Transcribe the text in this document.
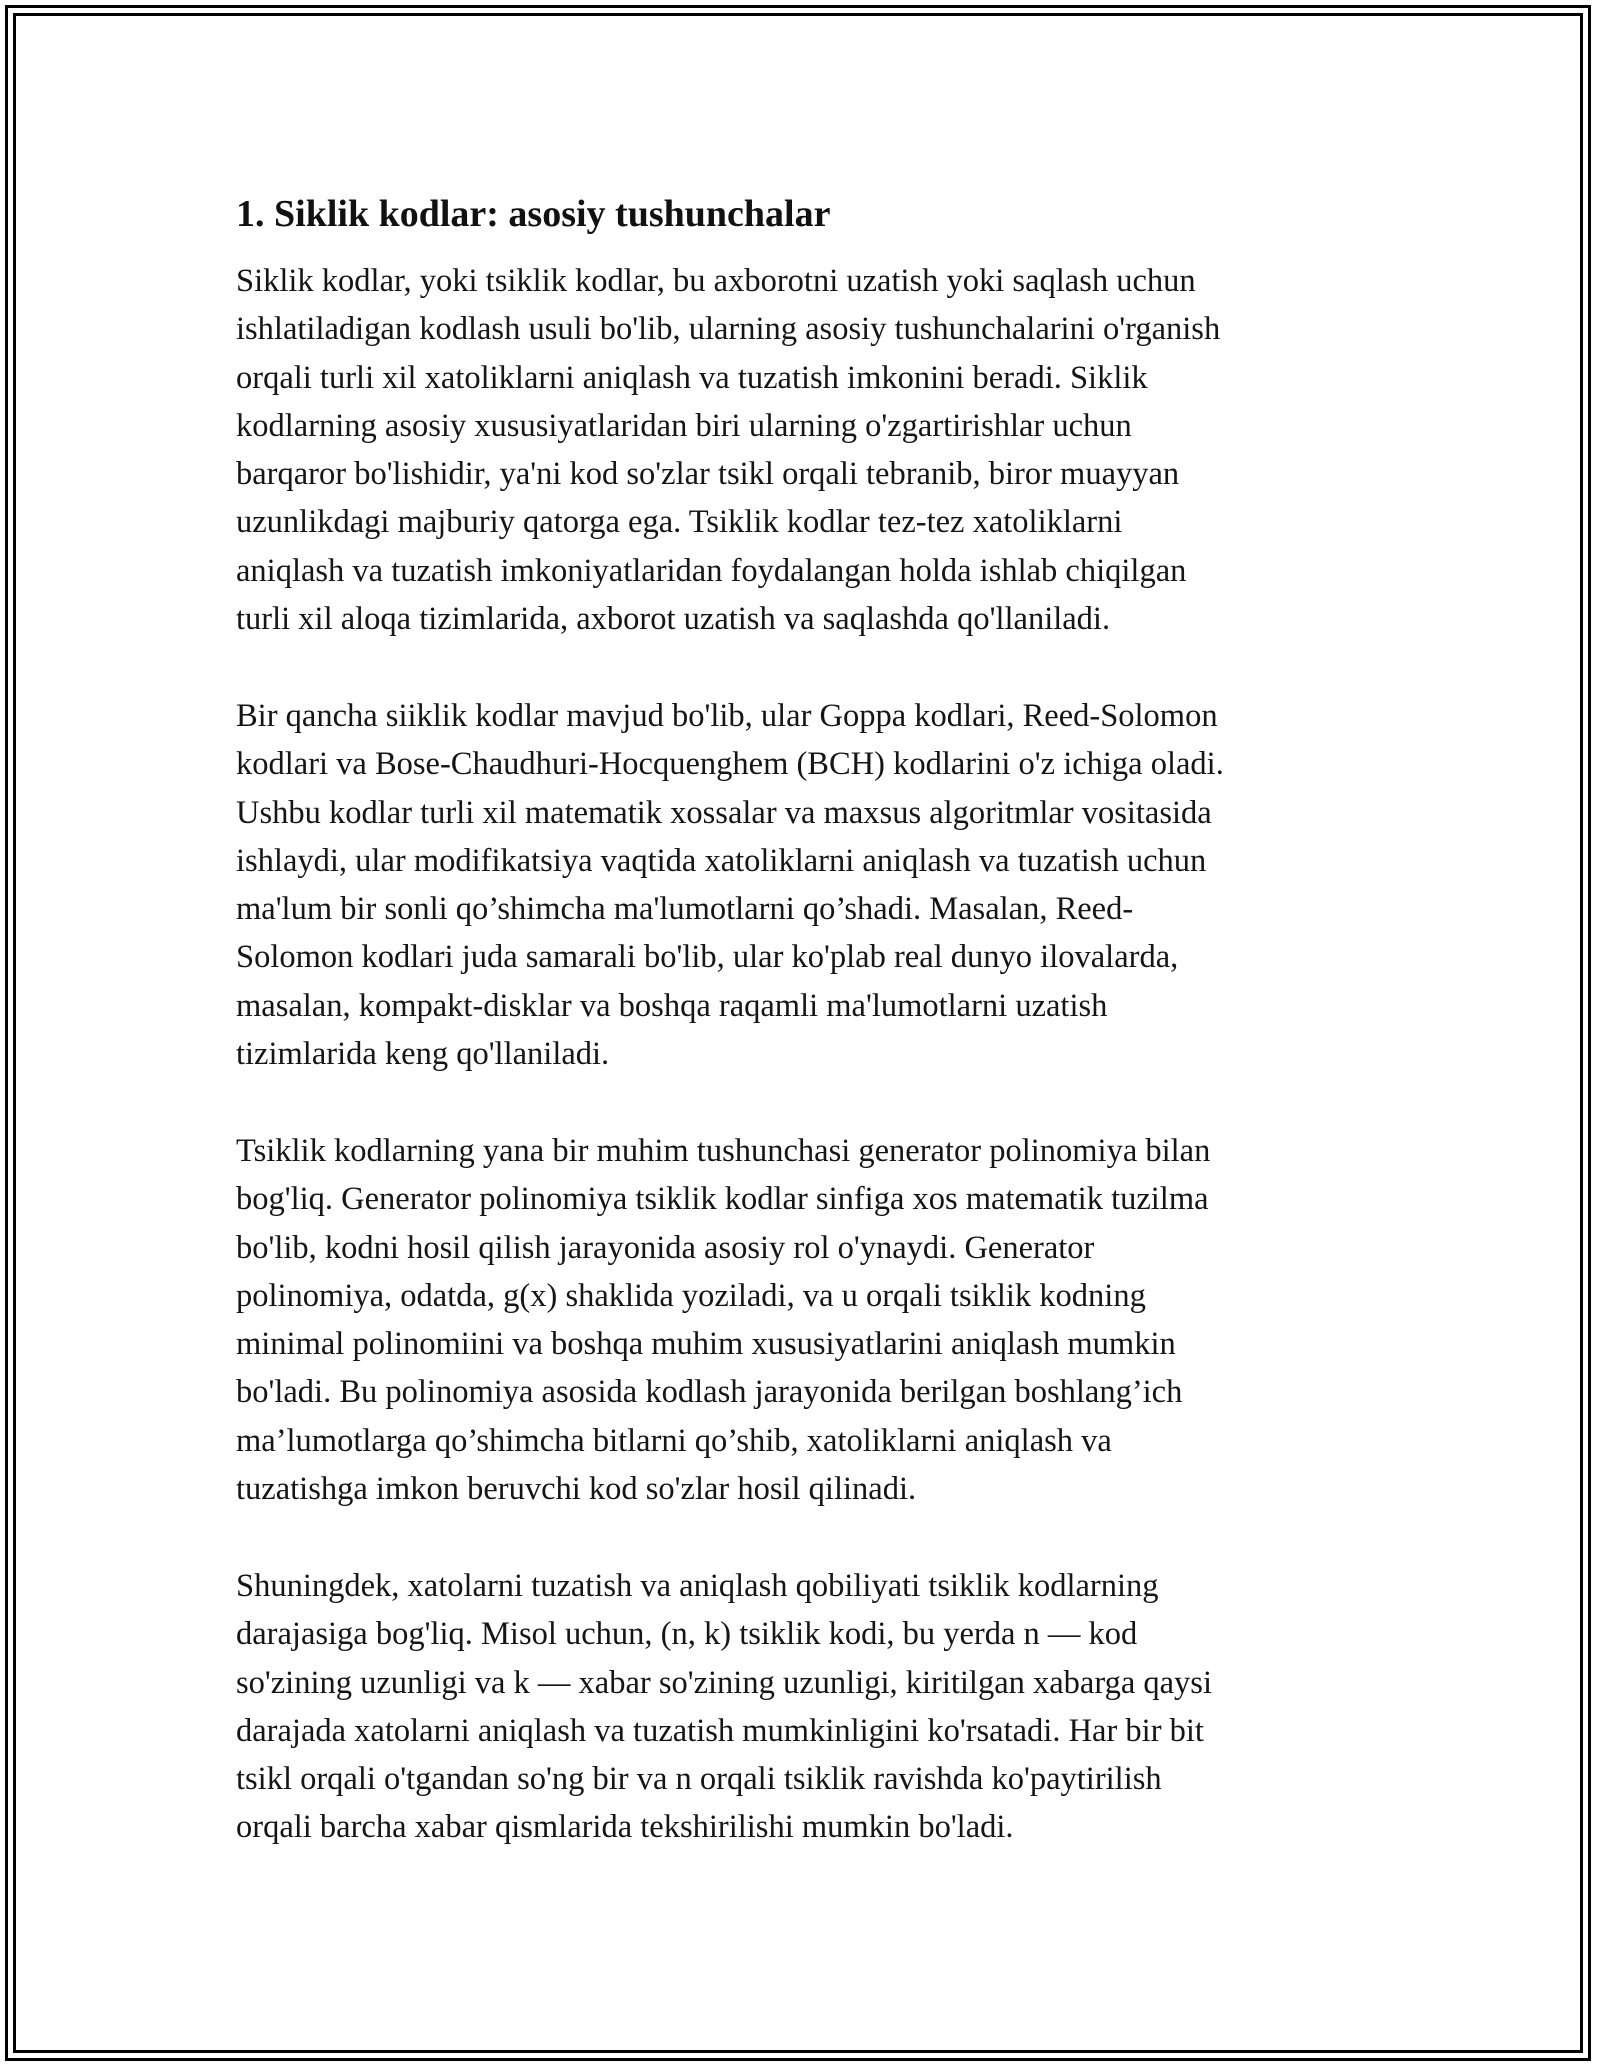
1. Siklik kodlar: asosiy tushunchalar

Siklik kodlar, yoki tsiklik kodlar, bu axborotni uzatish yoki saqlash uchun
ishlatiladigan kodlash usuli bo'lib, ularning asosiy tushunchalarini o'rganish
orqali turli xil xatoliklarni aniqlash va tuzatish imkonini beradi. Siklik
kodlarning asosiy xususiyatlaridan biri ularning o'zgartirishlar uchun
barqaror bo'lishidir, ya'ni kod so'zlar tsikl orqali tebranib, biror muayyan
uzunlikdagi majburiy qatorga ega. Tsiklik kodlar tez-tez xatoliklarni
aniqlash va tuzatish imkoniyatlaridan foydalangan holda ishlab chiqilgan
turli xil aloqa tizimlarida, axborot uzatish va saqlashda qo'llaniladi.

Bir qancha siiklik kodlar mavjud bo'lib, ular Goppa kodlari, Reed-Solomon
kodlari va Bose-Chaudhuri-Hocquenghem (BCH) kodlarini o'z ichiga oladi.
Ushbu kodlar turli xil matematik xossalar va maxsus algoritmlar vositasida
ishlaydi, ular modifikatsiya vaqtida xatoliklarni aniqlash va tuzatish uchun
ma'lum bir sonli qo’shimcha ma'lumotlarni qo’shadi. Masalan, Reed-
Solomon kodlari juda samarali bo'lib, ular ko'plab real dunyo ilovalarda,
masalan, kompakt-disklar va boshqa raqamli ma'lumotlarni uzatish
tizimlarida keng qo'llaniladi.

Tsiklik kodlarning yana bir muhim tushunchasi generator polinomiya bilan
bog'liq. Generator polinomiya tsiklik kodlar sinfiga xos matematik tuzilma
bo'lib, kodni hosil qilish jarayonida asosiy rol o'ynaydi. Generator
polinomiya, odatda, g(x) shaklida yoziladi, va u orqali tsiklik kodning
minimal polinomiini va boshqa muhim xususiyatlarini aniqlash mumkin
bo'ladi. Bu polinomiya asosida kodlash jarayonida berilgan boshlang’ich
ma’lumotlarga qo’shimcha bitlarni qo’shib, xatoliklarni aniqlash va
tuzatishga imkon beruvchi kod so'zlar hosil qilinadi.

Shuningdek, xatolarni tuzatish va aniqlash qobiliyati tsiklik kodlarning
darajasiga bog'liq. Misol uchun, (n, k) tsiklik kodi, bu yerda n — kod
so'zining uzunligi va k — xabar so'zining uzunligi, kiritilgan xabarga qaysi
darajada xatolarni aniqlash va tuzatish mumkinligini ko'rsatadi. Har bir bit
tsikl orqali o'tgandan so'ng bir va n orqali tsiklik ravishda ko'paytirilish
orqali barcha xabar qismlarida tekshirilishi mumkin bo'ladi.
